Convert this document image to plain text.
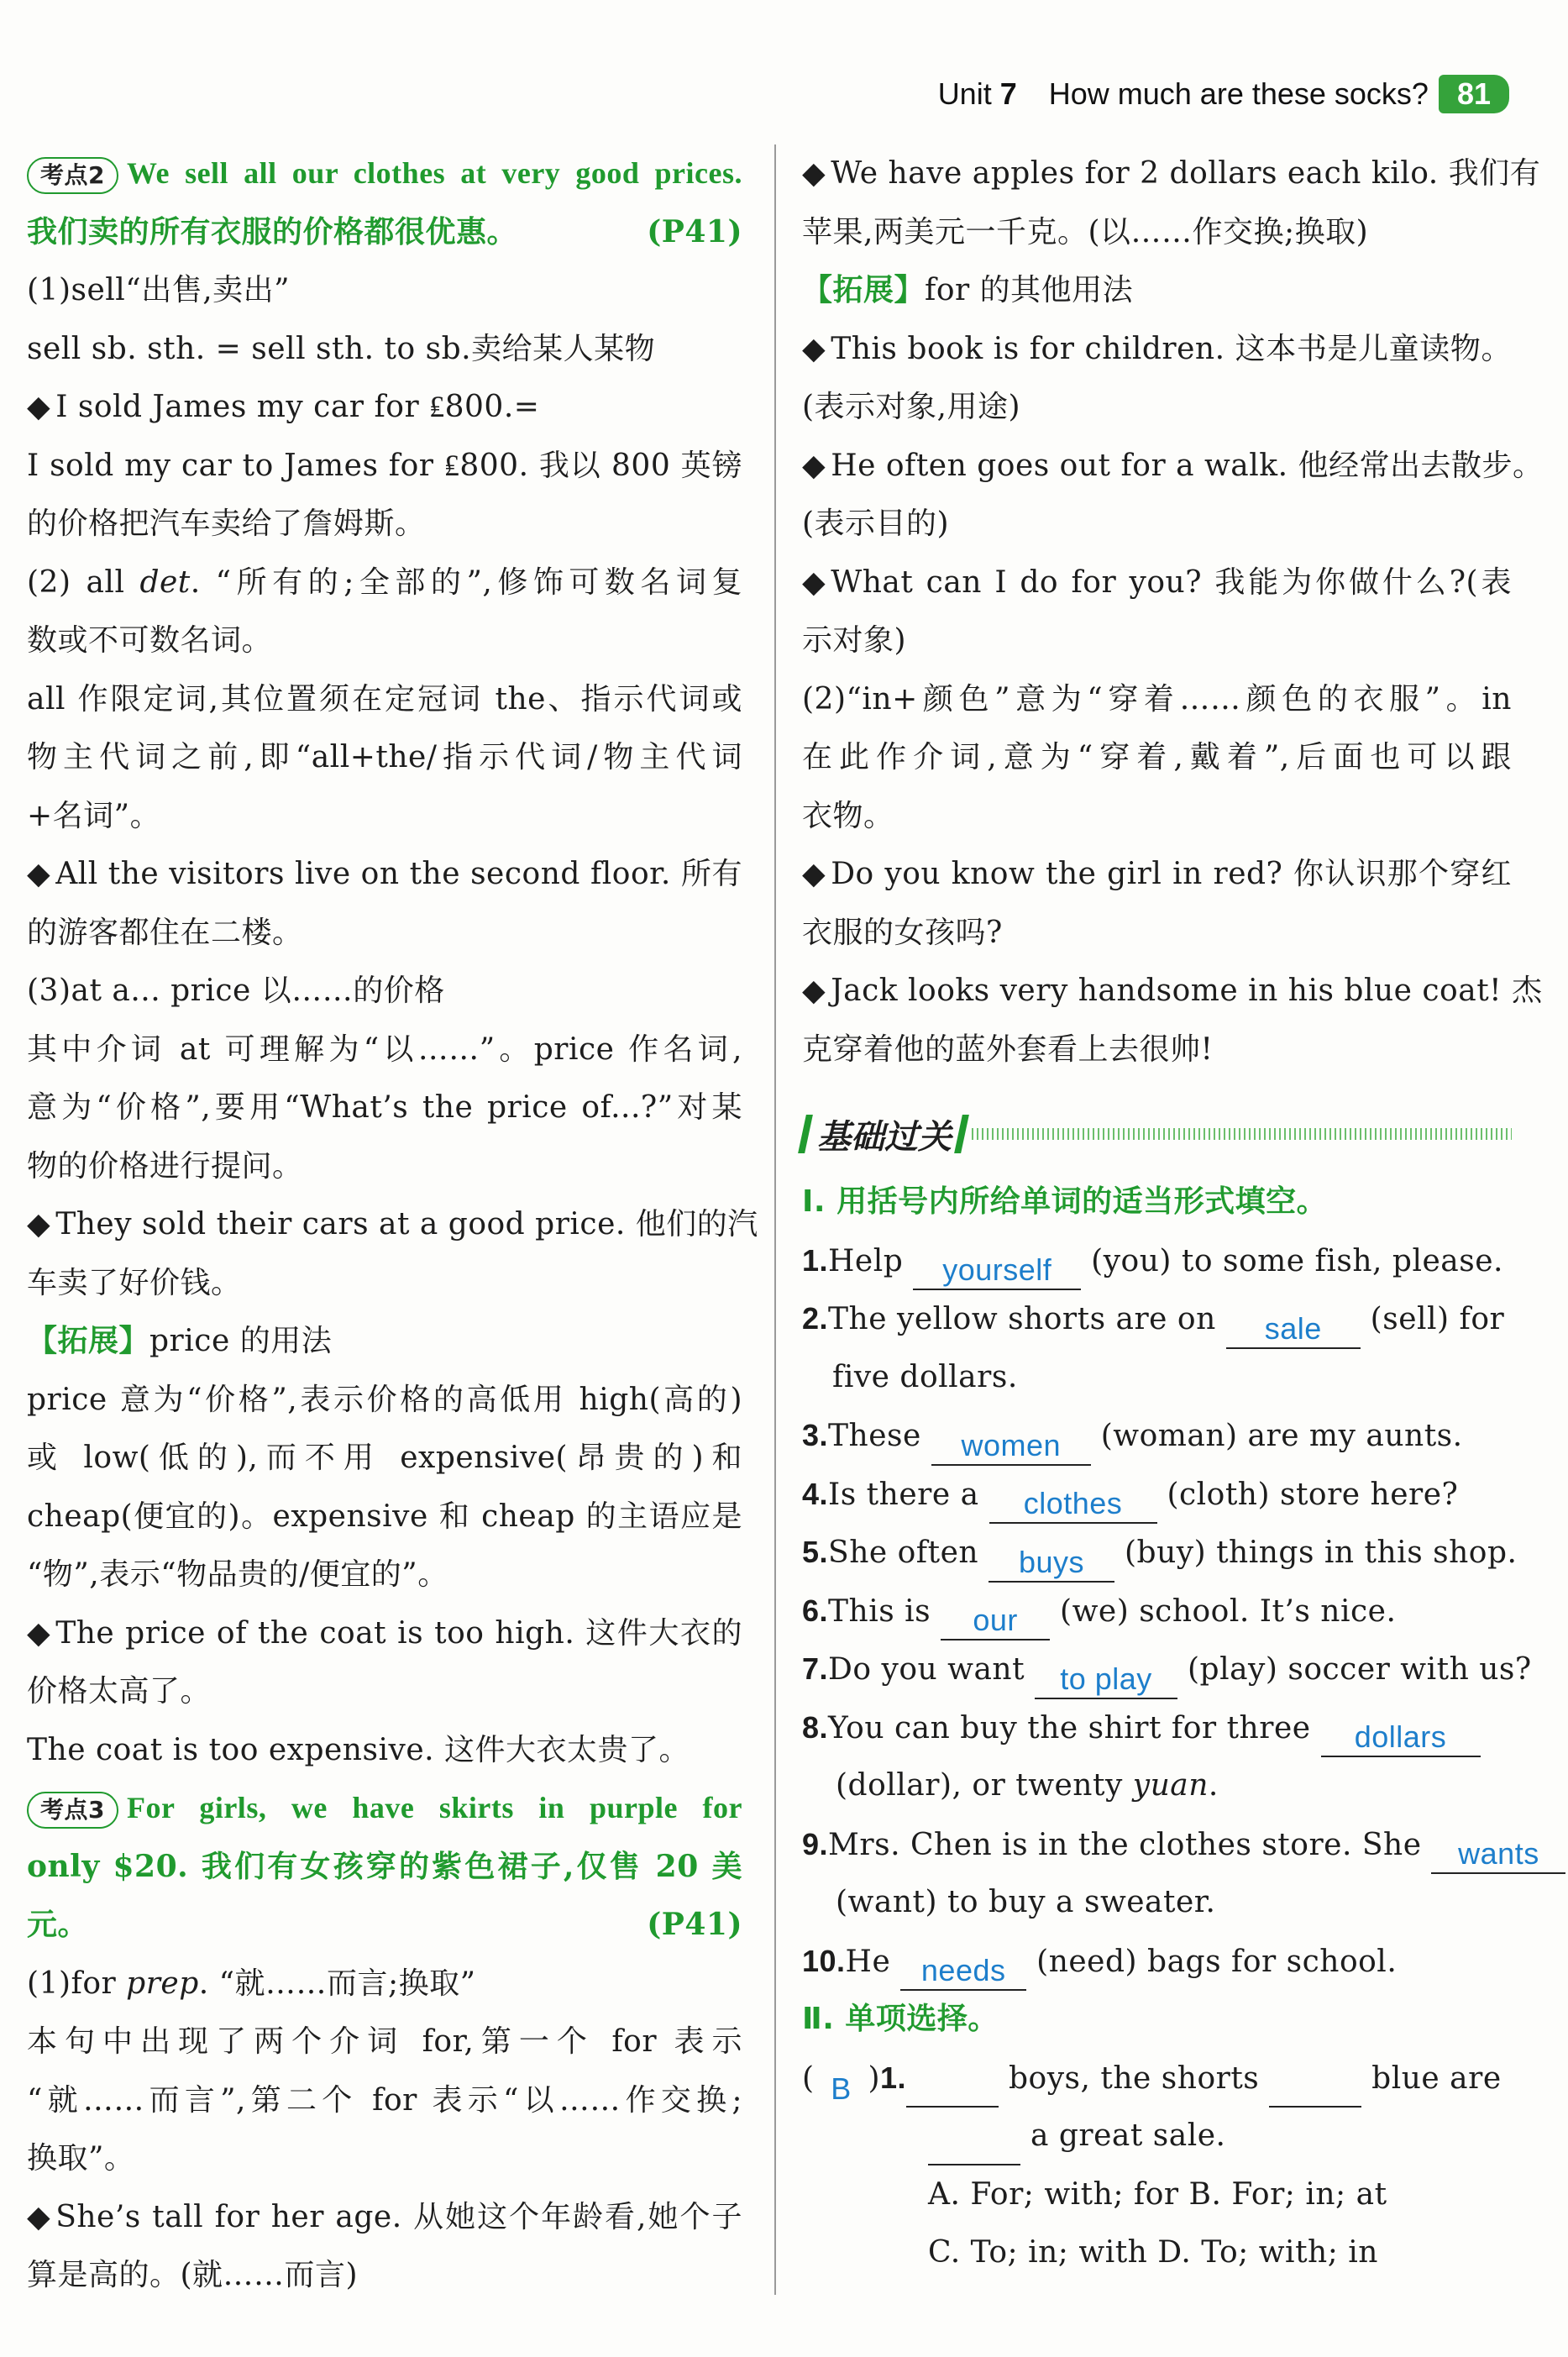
Unit 7 How much are these socks? 81
考点2 We sell all our clothes at very good prices.
我们卖的所有衣服的价格都很优惠。	(P41)
(1)sell“出售,卖出”
sell sb. sth. = sell sth. to sb.卖给某人某物
◆ I sold James my car for ₤800.=
I sold my car to James for ₤800. 我以 800 英镑
的价格把汽车卖给了詹姆斯。
(2) all det. “所有的;全部的”,修饰可数名词复
数或不可数名词。
all 作限定词,其位置须在定冠词 the、指示代词或
物主代词之前,即“all+the/指示代词/物主代词
+名词”。
◆ All the visitors live on the second floor. 所有
的游客都住在二楼。
(3)at a... price 以……的价格
其中介词 at 可理解为“以……”。price 作名词,
意为“价格”,要用“What’s the price of...?”对某
物的价格进行提问。
◆ They sold their cars at a good price. 他们的汽
车卖了好价钱。
【拓展】price 的用法
price 意为“价格”,表示价格的高低用 high(高的)
或 low(低的),而不用 expensive(昂贵的)和
cheap(便宜的)。expensive 和 cheap 的主语应是
“物”,表示“物品贵的/便宜的”。
◆ The price of the coat is too high. 这件大衣的
价格太高了。
The coat is too expensive. 这件大衣太贵了。
考点3 For girls, we have skirts in purple for
only $20. 我们有女孩穿的紫色裙子,仅售 20 美
元。	(P41)
(1)for prep. “就……而言;换取”
本句中出现了两个介词 for,第一个 for 表示
“就……而言”,第二个 for 表示“以……作交换;
换取”。
◆ She’s tall for her age. 从她这个年龄看,她个子
算是高的。(就……而言)
◆ We have apples for 2 dollars each kilo. 我们有
苹果,两美元一千克。(以……作交换;换取)
【拓展】for 的其他用法
◆ This book is for children. 这本书是儿童读物。
(表示对象,用途)
◆ He often goes out for a walk. 他经常出去散步。
(表示目的)
◆ What can I do for you? 我能为你做什么?(表
示对象)
(2)“in+颜色”意为“穿着……颜色的衣服”。in
在此作介词,意为“穿着,戴着”,后面也可以跟
衣物。
◆ Do you know the girl in red? 你认识那个穿红
衣服的女孩吗?
◆ Jack looks very handsome in his blue coat! 杰
克穿着他的蓝外套看上去很帅!
基础过关
Ⅰ. 用括号内所给单词的适当形式填空。
1.Help yourself (you) to some fish, please.
2.The yellow shorts are on sale (sell) for
five dollars.
3.These women (woman) are my aunts.
4.Is there a clothes (cloth) store here?
5.She often buys (buy) things in this shop.
6.This is our (we) school. It’s nice.
7.Do you want to play (play) soccer with us?
8.You can buy the shirt for three dollars
(dollar), or twenty yuan.
9.Mrs. Chen is in the clothes store. She wants
(want) to buy a sweater.
10.He needs (need) bags for school.
Ⅱ. 单项选择。
( B )1.	boys, the shorts	blue are
a great sale.
A. For; with; for B. For; in; at
C. To; in; with D. To; with; in
